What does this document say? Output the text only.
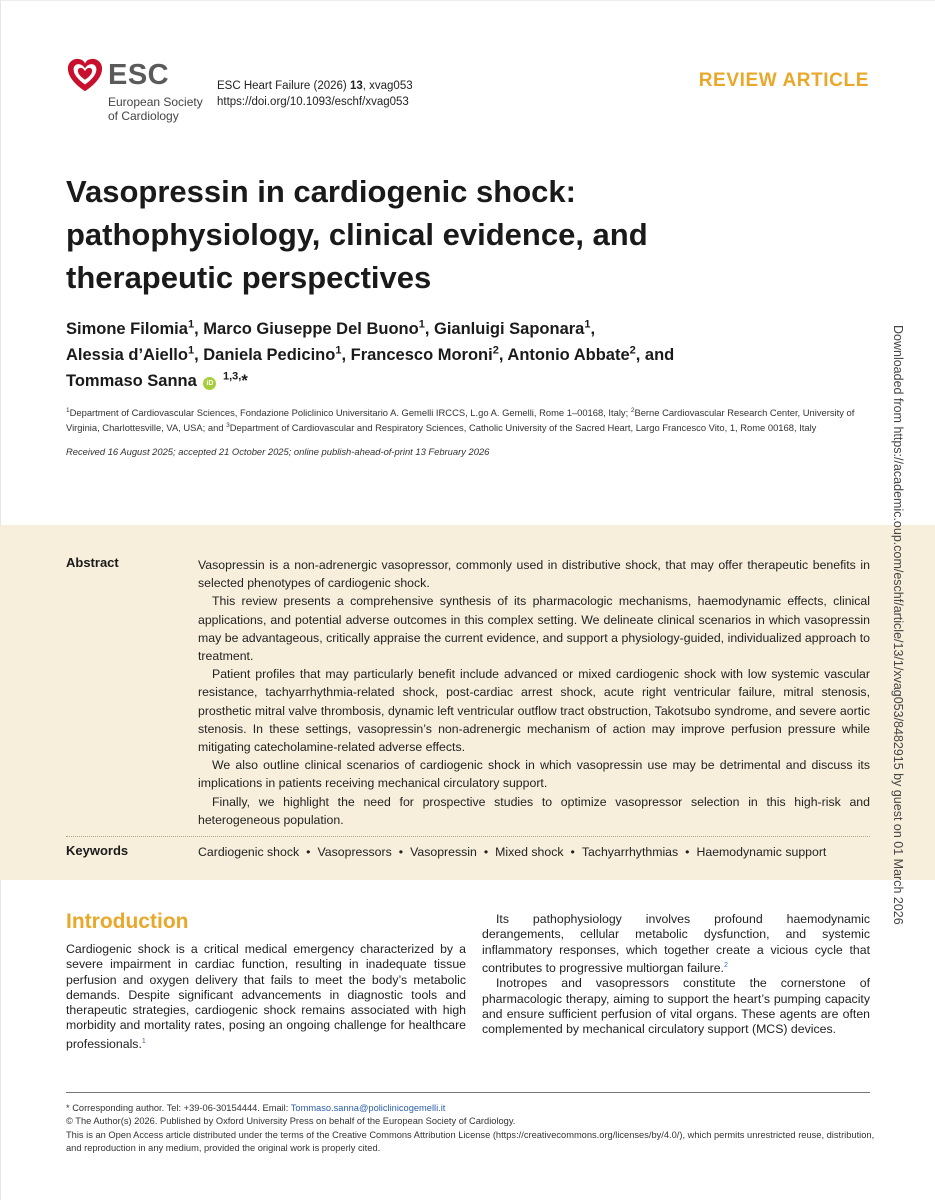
ESC
European Society
of Cardiology
ESC Heart Failure (2026) 13, xvag053
https://doi.org/10.1093/eschf/xvag053
REVIEW ARTICLE
Vasopressin in cardiogenic shock: pathophysiology, clinical evidence, and therapeutic perspectives
Simone Filomia$^1$, Marco Giuseppe Del Buono$^1$, Gianluigi Saponara$^1$,
Alessia d’Aiello$^1$, Daniela Pedicino$^1$, Francesco Moroni$^2$, Antonio Abbate$^2$, and
Tommaso Sanna iD $^{1,3,}$*
$^1$Department of Cardiovascular Sciences, Fondazione Policlinico Universitario A. Gemelli IRCCS, L.go A. Gemelli, Rome 1–00168, Italy; $^2$Berne Cardiovascular Research Center, University of Virginia, Charlottesville, VA, USA; and $^3$Department of Cardiovascular and Respiratory Sciences, Catholic University of the Sacred Heart, Largo Francesco Vito, 1, Rome 00168, Italy
Received 16 August 2025; accepted 21 October 2025; online publish-ahead-of-print 13 February 2026
Abstract	Vasopressin is a non-adrenergic vasopressor, commonly used in distributive shock, that may offer therapeutic benefits in selected phenotypes of cardiogenic shock.

This review presents a comprehensive synthesis of its pharmacologic mechanisms, haemodynamic effects, clinical applications, and potential adverse outcomes in this complex setting. We delineate clinical scenarios in which vasopressin may be advantageous, critically appraise the current evidence, and support a physiology-guided, individualized approach to treatment.

Patient profiles that may particularly benefit include advanced or mixed cardiogenic shock with low systemic vascular resistance, tachyarrhythmia-related shock, post-cardiac arrest shock, acute right ventricular failure, mitral stenosis, prosthetic mitral valve thrombosis, dynamic left ventricular outflow tract obstruction, Takotsubo syndrome, and severe aortic stenosis. In these settings, vasopressin’s non-adrenergic mechanism of action may improve perfusion pressure while mitigating catecholamine-related adverse effects.

We also outline clinical scenarios of cardiogenic shock in which vasopressin use may be detrimental and discuss its implications in patients receiving mechanical circulatory support.

Finally, we highlight the need for prospective studies to optimize vasopressor selection in this high-risk and heterogeneous population.

Keywords	Cardiogenic shock • Vasopressors • Vasopressin • Mixed shock • Tachyarrhythmias • Haemodynamic support
Introduction

Cardiogenic shock is a critical medical emergency characterized by a severe impairment in cardiac function, resulting in inadequate tissue perfusion and oxygen delivery that fails to meet the body’s metabolic demands. Despite significant advancements in diagnostic tools and therapeutic strategies, cardiogenic shock remains associated with high morbidity and mortality rates, posing an ongoing challenge for healthcare professionals.$^1$

Its pathophysiology involves profound haemodynamic derangements, cellular metabolic dysfunction, and systemic inflammatory responses, which together create a vicious cycle that contributes to progressive multiorgan failure.$^2$

Inotropes and vasopressors constitute the cornerstone of pharmacologic therapy, aiming to support the heart’s pumping capacity and ensure sufficient perfusion of vital organs. These agents are often complemented by mechanical circulatory support (MCS) devices.

* Corresponding author. Tel: +39-06-30154444. Email: Tommaso.sanna@policlinicogemelli.it

© The Author(s) 2026. Published by Oxford University Press on behalf of the European Society of Cardiology.

This is an Open Access article distributed under the terms of the Creative Commons Attribution License (https://creativecommons.org/licenses/by/4.0/), which permits unrestricted reuse, distribution, and reproduction in any medium, provided the original work is properly cited.

Downloaded from https://academic.oup.com/eschf/article/13/1/xvag053/8482915 by guest on 01 March 2026
